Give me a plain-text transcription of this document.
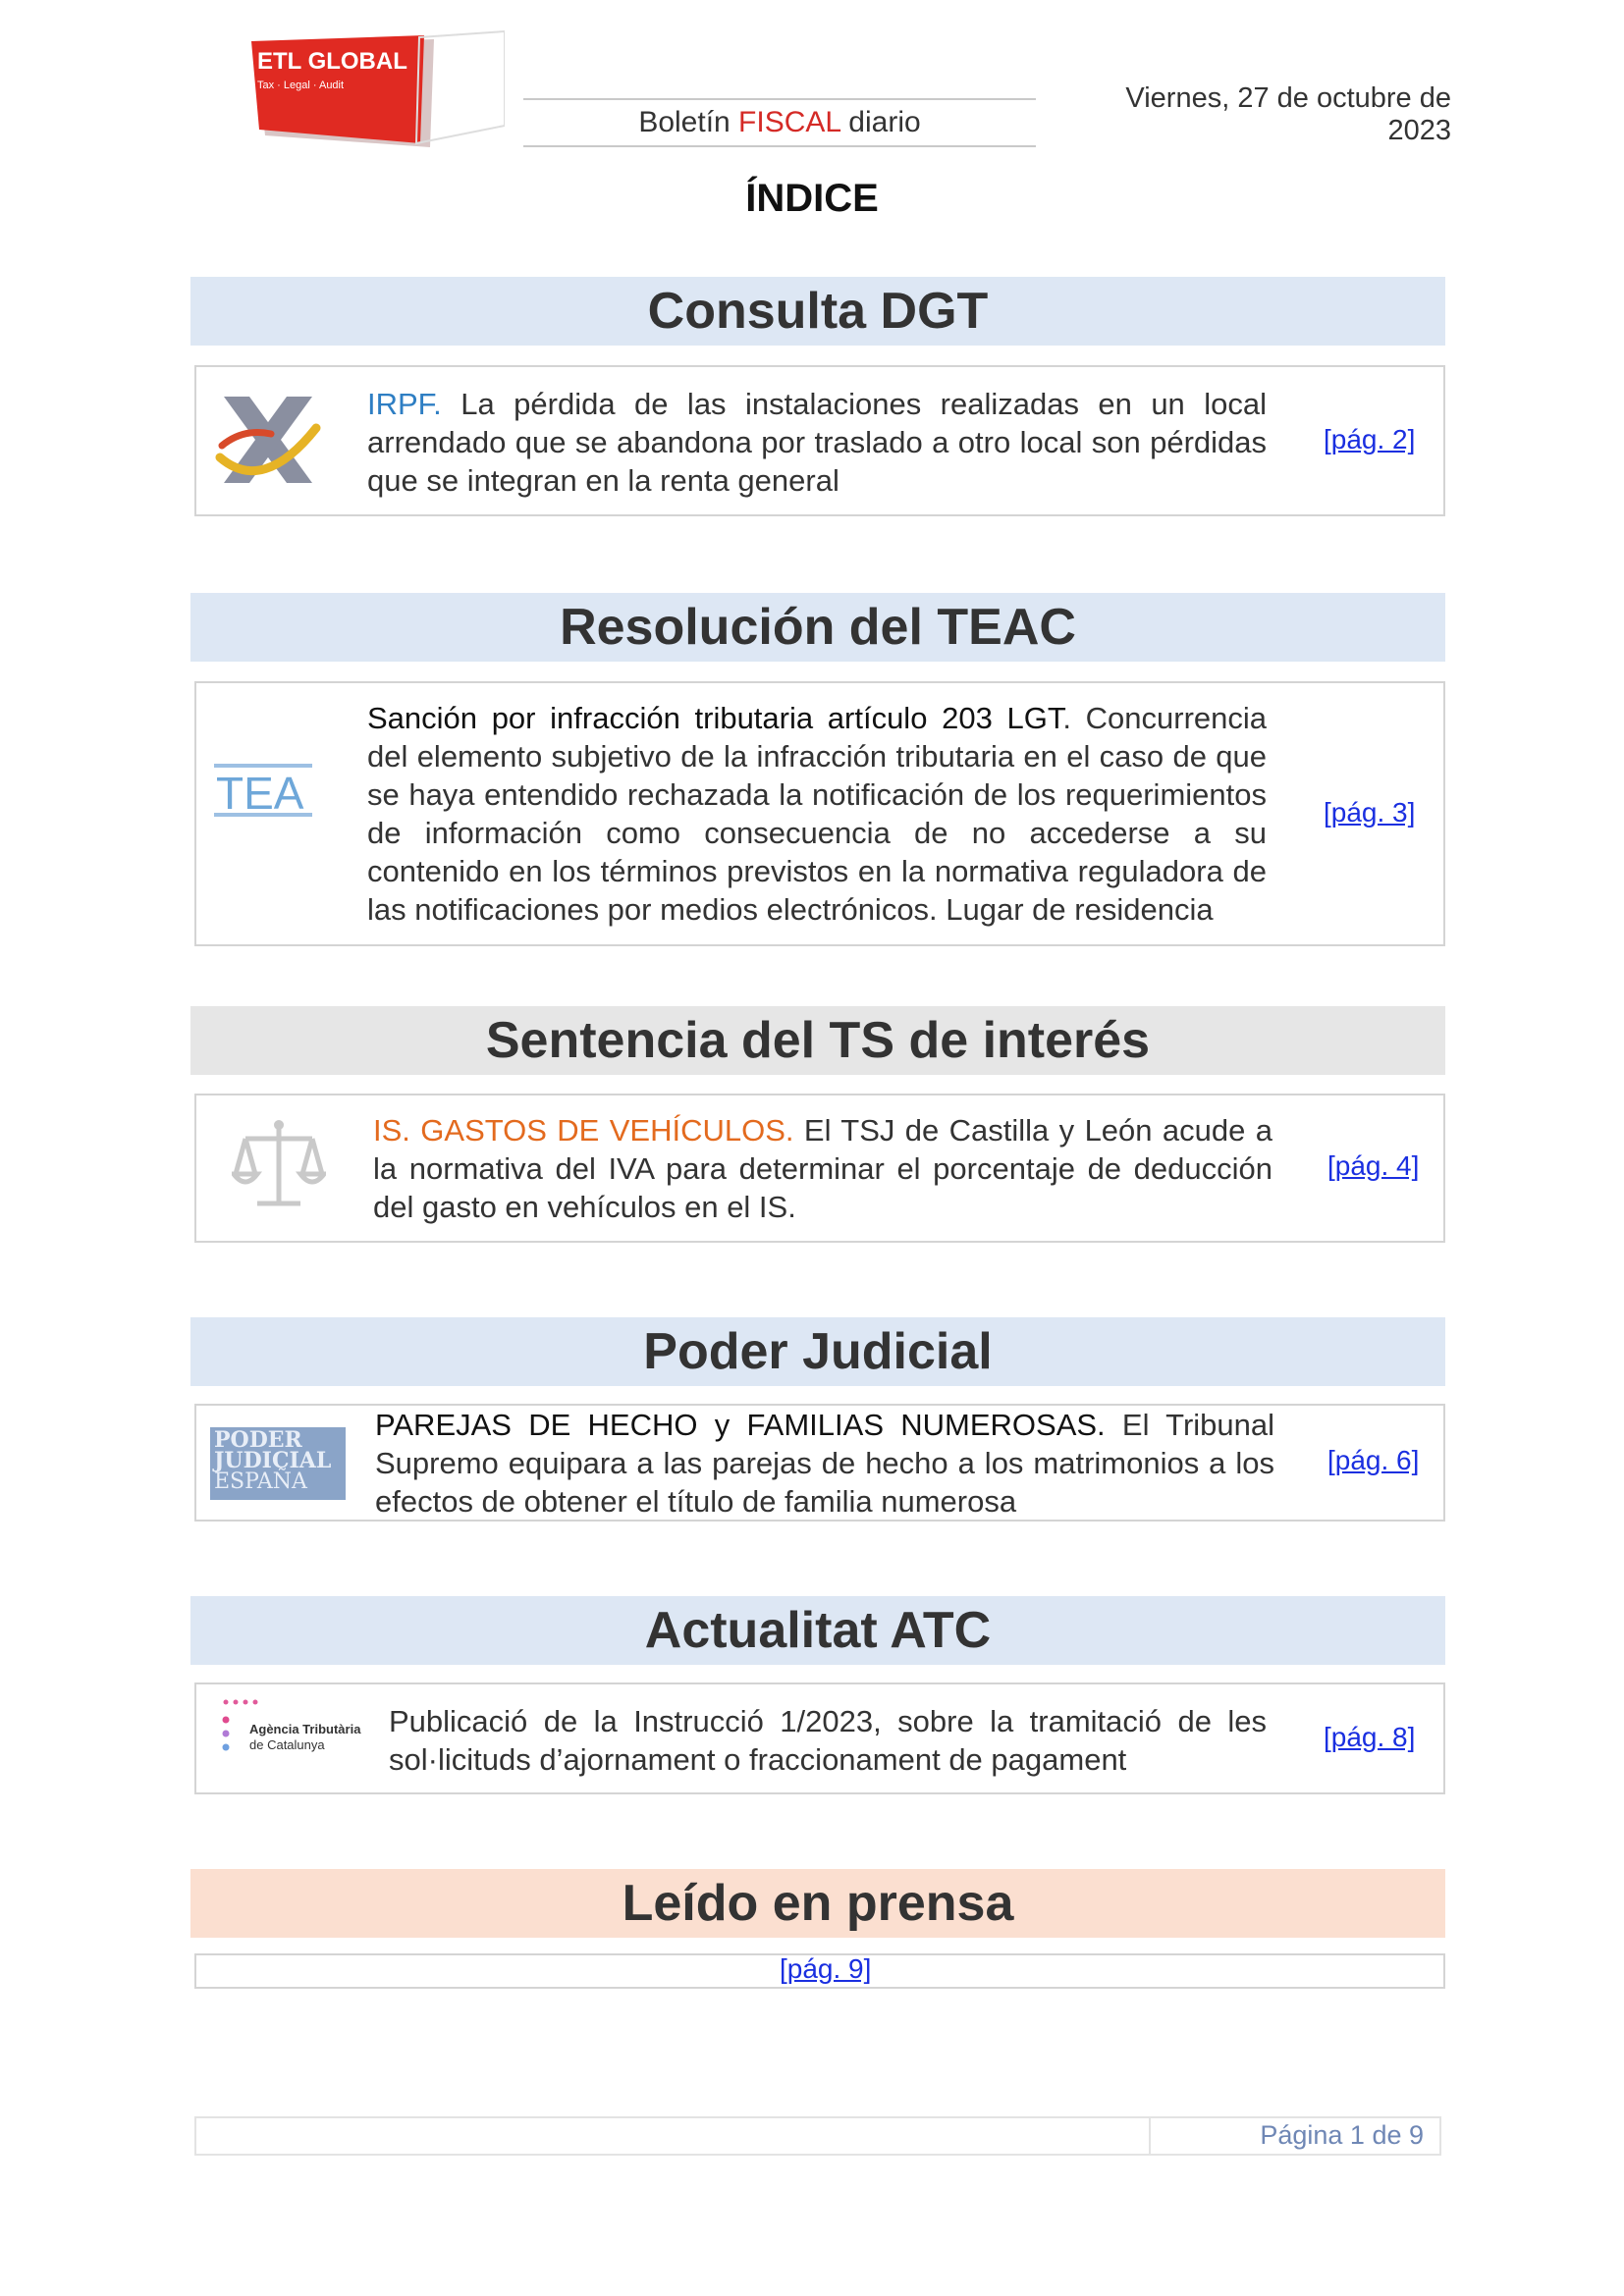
ETL GLOBAL
Tax · Legal · Audit
Boletín FISCAL diario
Viernes, 27 de octubre de 2023
ÍNDICE
Consulta DGT
IRPF. La pérdida de las instalaciones realizadas en un local arrendado que se abandona por traslado a otro local son pérdidas que se integran en la renta general
[pág. 2]
Resolución del TEAC
TEA
Sanción por infracción tributaria artículo 203 LGT. Concurrencia del elemento subjetivo de la infracción tributaria en el caso de que se haya entendido rechazada la notificación de los requerimientos de información como consecuencia de no accederse a su contenido en los términos previstos en la normativa reguladora de las notificaciones por medios electrónicos. Lugar de residencia
[pág. 3]
Sentencia del TS de interés
IS. GASTOS DE VEHÍCULOS. El TSJ de Castilla y León acude a la normativa del IVA para determinar el porcentaje de deducción del gasto en vehículos en el IS.
[pág. 4]
Poder Judicial
PODER
JUDICIAL
ESPAÑA
PAREJAS DE HECHO y FAMILIAS NUMEROSAS. El Tribunal Supremo equipara a las parejas de hecho a los matrimonios a los efectos de obtener el título de familia numerosa
[pág. 6]
Actualitat ATC
Agència Tributària
de Catalunya
Publicació de la Instrucció 1/2023, sobre la tramitació de les sol·licituds d’ajornament o fraccionament de pagament
[pág. 8]
Leído en prensa
[pág. 9]
Página 1 de 9
